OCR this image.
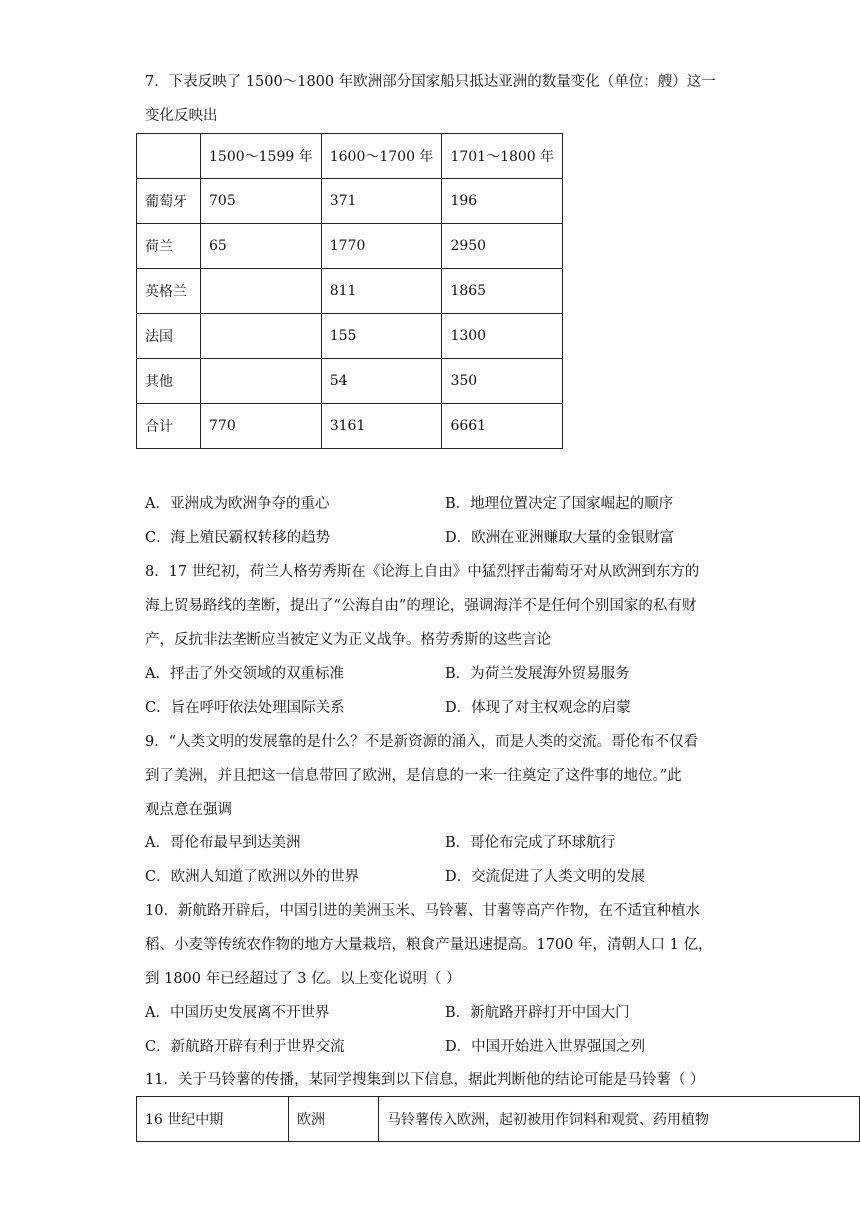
7．下表反映了 1500～1800 年欧洲部分国家船只抵达亚洲的数量变化（单位：艘）这一
变化反映出
	1500～1599 年	1600～1700 年	1701～1800 年
葡萄牙	705	371	196
荷兰	65	1770	2950
英格兰		811	1865
法国		155	1300
其他		54	350
合计	770	3161	6661
A．亚洲成为欧洲争夺的重心	B．地理位置决定了国家崛起的顺序
C．海上殖民霸权转移的趋势	D．欧洲在亚洲赚取大量的金银财富
8．17 世纪初，荷兰人格劳秀斯在《论海上自由》中猛烈抨击葡萄牙对从欧洲到东方的
海上贸易路线的垄断，提出了“公海自由”的理论，强调海洋不是任何个别国家的私有财
产，反抗非法垄断应当被定义为正义战争。格劳秀斯的这些言论
A．抨击了外交领域的双重标准	B．为荷兰发展海外贸易服务
C．旨在呼吁依法处理国际关系	D．体现了对主权观念的启蒙
9．“人类文明的发展靠的是什么？不是新资源的涌入，而是人类的交流。哥伦布不仅看
到了美洲，并且把这一信息带回了欧洲，是信息的一来一往奠定了这件事的地位。”此
观点意在强调
A．哥伦布最早到达美洲	B．哥伦布完成了环球航行
C．欧洲人知道了欧洲以外的世界	D．交流促进了人类文明的发展
10．新航路开辟后，中国引进的美洲玉米、马铃薯、甘薯等高产作物，在不适宜种植水
稻、小麦等传统农作物的地方大量栽培，粮食产量迅速提高。1700 年，清朝人口 1 亿，
到 1800 年已经超过了 3 亿。以上变化说明（ ）
A．中国历史发展离不开世界	B．新航路开辟打开中国大门
C．新航路开辟有利于世界交流	D．中国开始进入世界强国之列
11．关于马铃薯的传播，某同学搜集到以下信息，据此判断他的结论可能是马铃薯（ ）
16 世纪中期	欧洲	马铃薯传入欧洲，起初被用作饲料和观赏、药用植物
